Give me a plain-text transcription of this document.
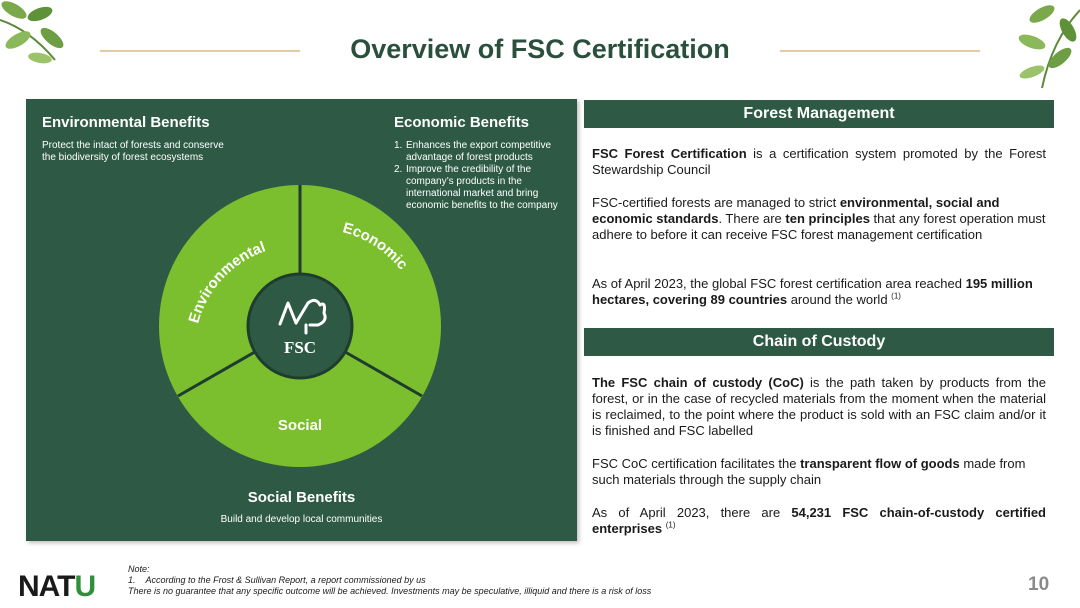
Overview of FSC Certification
Environmental Benefits
Protect the intact of forests and conserve
the biodiversity of forest ecosystems
Economic Benefits
1. Enhances the export competitive
advantage of forest products
2. Improve the credibility of the
company’s products in the
international market and bring
economic benefits to the company
FSC
Environmental
Economic
Social
Social Benefits
Build and develop local communities
Forest Management
FSC Forest Certification is a certification system promoted by the Forest Stewardship Council
FSC-certified forests are managed to strict environmental, social and economic standards. There are ten principles that any forest operation must adhere to before it can receive FSC forest management certification
As of April 2023, the global FSC forest certification area reached 195 million hectares, covering 89 countries around the world $^{(1)}$
Chain of Custody
The FSC chain of custody (CoC) is the path taken by products from the forest, or in the case of recycled materials from the moment when the material is reclaimed, to the point where the product is sold with an FSC claim and/or it is finished and FSC labelled
FSC CoC certification facilitates the transparent flow of goods made from such materials through the supply chain
As of April 2023, there are 54,231 FSC chain-of-custody certified enterprises $^{(1)}$
NATU
Note:
1. According to the Frost & Sullivan Report, a report commissioned by us
There is no guarantee that any specific outcome will be achieved. Investments may be speculative, illiquid and there is a risk of loss	10
